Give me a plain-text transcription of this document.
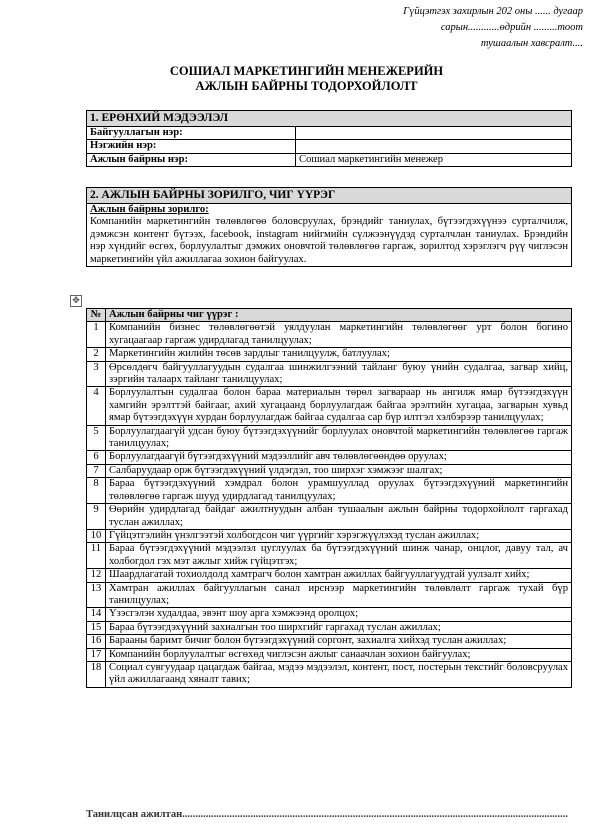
Гүйцэтгэх захирлын 202 оны ...... дугаар
сарын............өдрийн .........тоот
тушаалын хавсралт....
СОШИАЛ МАРКЕТИНГИЙН МЕНЕЖЕРИЙН
АЖЛЫН БАЙРНЫ ТОДОРХОЙЛОЛТ
1. ЕРӨНХИЙ МЭДЭЭЛЭЛ	
Байгууллагын нэр:	
Нэгжийн нэр:	
Ажлын байрны нэр:	Сошиал маркетингийн менежер
2. АЖЛЫН БАЙРНЫ ЗОРИЛГО, ЧИГ ҮҮРЭГ

Ажлын байрны зорилго:
Компанийн маркетингийн төлөвлөгөө боловсруулах, брэндийг таниулах, бүтээгдэхүүнээ сурталчилж, дэмжсэн контент бүтээх, facebook, instagram нийгмийн сүлжээнүүдэд сурталчлан таниулах. Брэндийн нэр хүндийг өсгөх, борлуулалтыг дэмжих оновчтой төлөвлөгөө гаргаж, зорилтод хэрэглэгч рүү чиглэсэн маркетингийн үйл ажиллагаа зохион байгуулах.
✥
№	Ажлын байрны чиг үүрэг :
1	Компанийн бизнес төлөвлөгөөтэй уялдуулан маркетингийн төлөвлөгөөг урт болон богино хугацаагаар гаргаж удирдлагад танилцуулах;
2	Маркетингийн жилийн төсөв зардлыг танилцуулж, батлуулах;
3	Өрсөлдөгч байгууллагуудын судалгаа шинжилгээний тайланг буюу үнийн судалгаа, загвар хийц, зэргийн талаарх тайланг танилцуулах;
4	Борлуулалтын судалгаа болон бараа материалын төрөл загвараар нь ангилж ямар бүтээгдэхүүн хамгийн эрэлттэй байгааг, ахий хугацаанд борлуулагдаж байгаа эрэлтийн хугацаа, загварын хувьд ямар бүтээгдэхүүн хурдан борлуулагдаж байгаа судалгаа сар бүр илтгэл хэлбэрээр танилцуулах;
5	Борлуулагдаагүй удсан буюу бүтээгдэхүүнийг борлуулах оновчтой маркетингийн төлөвлөгөө гаргаж танилцуулах;
6	Борлуулагдаагүй бүтээгдэхүүний мэдээллийг авч төлөвлөгөөндөө оруулах;
7	Салбаруудаар орж бүтээгдэхүүний үлдэгдэл, тоо ширхэг хэмжээг шалгах;
8	Бараа бүтээгдэхүүний хэмдрал болон урамшууллад оруулах бүтээгдэхүүний маркетингийн төлөвлөгөө гаргаж шууд удирдлагад танилцуулах;
9	Өөрийн удирдлагад байдаг ажилтнуудын албан тушаалын ажлын байрны тодорхойлолт гаргахад туслан ажиллах;
10	Гүйцэтгэлийн үнэлгээтэй холбогдсон чиг үүргийг хэрэгжүүлэхэд туслан ажиллах;
11	Бараа бүтээгдэхүүний мэдээлэл цуглуулах ба бүтээгдэхүүний шинж чанар, онцлог, давуу тал, ач холбогдол гэх мэт ажлыг хийж гүйцэтгэх;
12	Шаардлагатай тохиолдолд хамтрагч болон хамтран ажиллах байгууллагуудтай уулзалт хийх;
13	Хамтран ажиллах байгууллагын санал ирснээр маркетингийн төлөвлөлт гаргаж тухай бүр танилцуулах;
14	Үзэсгэлэн худалдаа, эвэнт шоу арга хэмжээнд оролцох;
15	Бараа бүтээгдэхүүний захиалгын тоо ширхгийг гаргахад туслан ажиллах;
16	Барааны баримт бичиг болон бүтээгдэхүүний соргонт, захиалга хийхэд туслан ажиллах;
17	Компанийн борлуулалтыг өсгөхөд чиглэсэн ажлыг санаачлан зохион байгуулах;
18	Социал сувгуудаар цацагдаж байгаа, мэдээ мэдээлэл, контент, пост, постерын текстийг боловсруулах үйл ажиллагаанд хяналт тавих;
Танилцсан ажилтан...................................................................................................................................................
